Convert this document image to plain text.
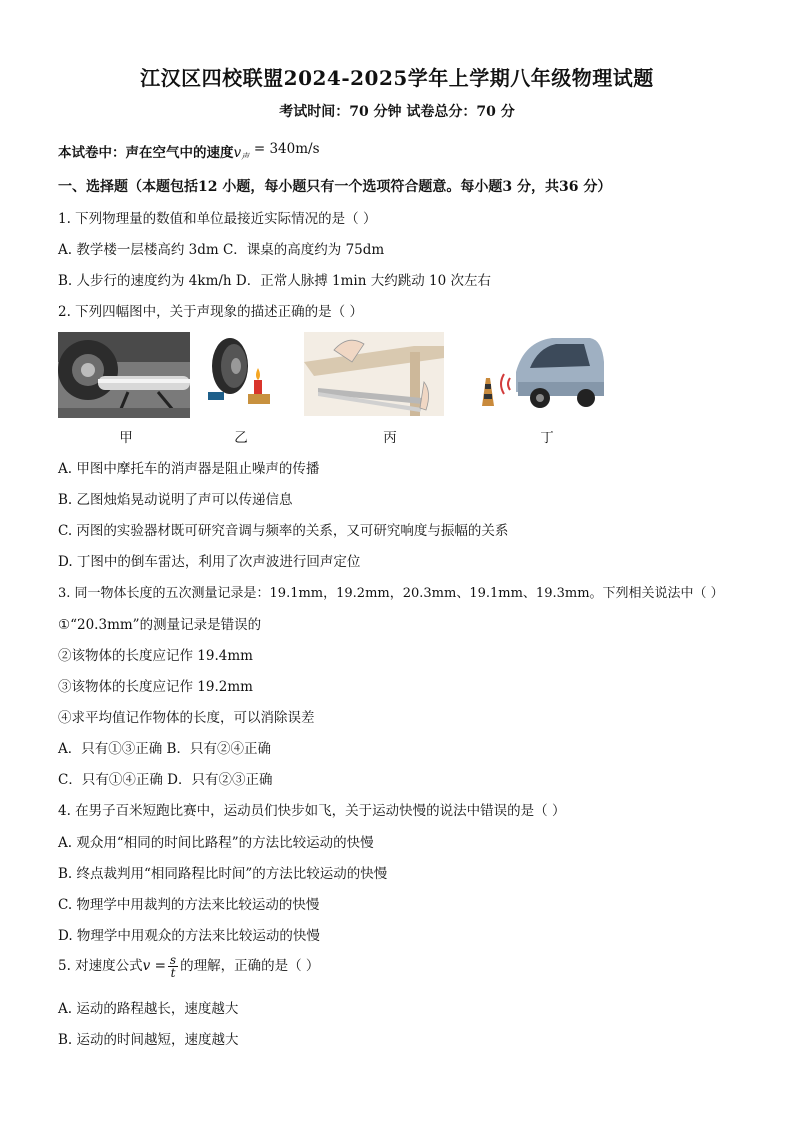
江汉区四校联盟2024-2025学年上学期八年级物理试题
考试时间：70 分钟 试卷总分：70 分
本试卷中：声在空气中的速度$v_声 = 340m/s$
一、选择题（本题包括12 小题，每小题只有一个选项符合题意。每小题3 分，共36 分）
1. 下列物理量的数值和单位最接近实际情况的是（ ）
A. 教学楼一层楼高约 3dm C．课桌的高度约为 75dm
B. 人步行的速度约为 4km/h D．正常人脉搏 1min 大约跳动 10 次左右
2. 下列四幅图中，关于声现象的描述正确的是（ ）
甲	乙	丙	丁
A. 甲图中摩托车的消声器是阻止噪声的传播
B. 乙图烛焰晃动说明了声可以传递信息
C. 丙图的实验器材既可研究音调与频率的关系，又可研究响度与振幅的关系
D. 丁图中的倒车雷达，利用了次声波进行回声定位
3. 同一物体长度的五次测量记录是：19.1mm，19.2mm，20.3mm、19.1mm、19.3mm。下列相关说法中（ ）
①“20.3mm”的测量记录是错误的
②该物体的长度应记作 19.4mm
③该物体的长度应记作 19.2mm
④求平均值记作物体的长度，可以消除误差
A．只有①③正确 B．只有②④正确
C．只有①④正确 D．只有②③正确
4. 在男子百米短跑比赛中，运动员们快步如飞，关于运动快慢的说法中错误的是（ ）
A. 观众用“相同的时间比路程”的方法比较运动的快慢
B. 终点裁判用“相同路程比时间”的方法比较运动的快慢
C. 物理学中用裁判的方法来比较运动的快慢
D. 物理学中用观众的方法来比较运动的快慢
5. 对速度公式$v = \frac{s}{t}$ 的理解，正确的是（ ）
A. 运动的路程越长，速度越大
B. 运动的时间越短，速度越大
